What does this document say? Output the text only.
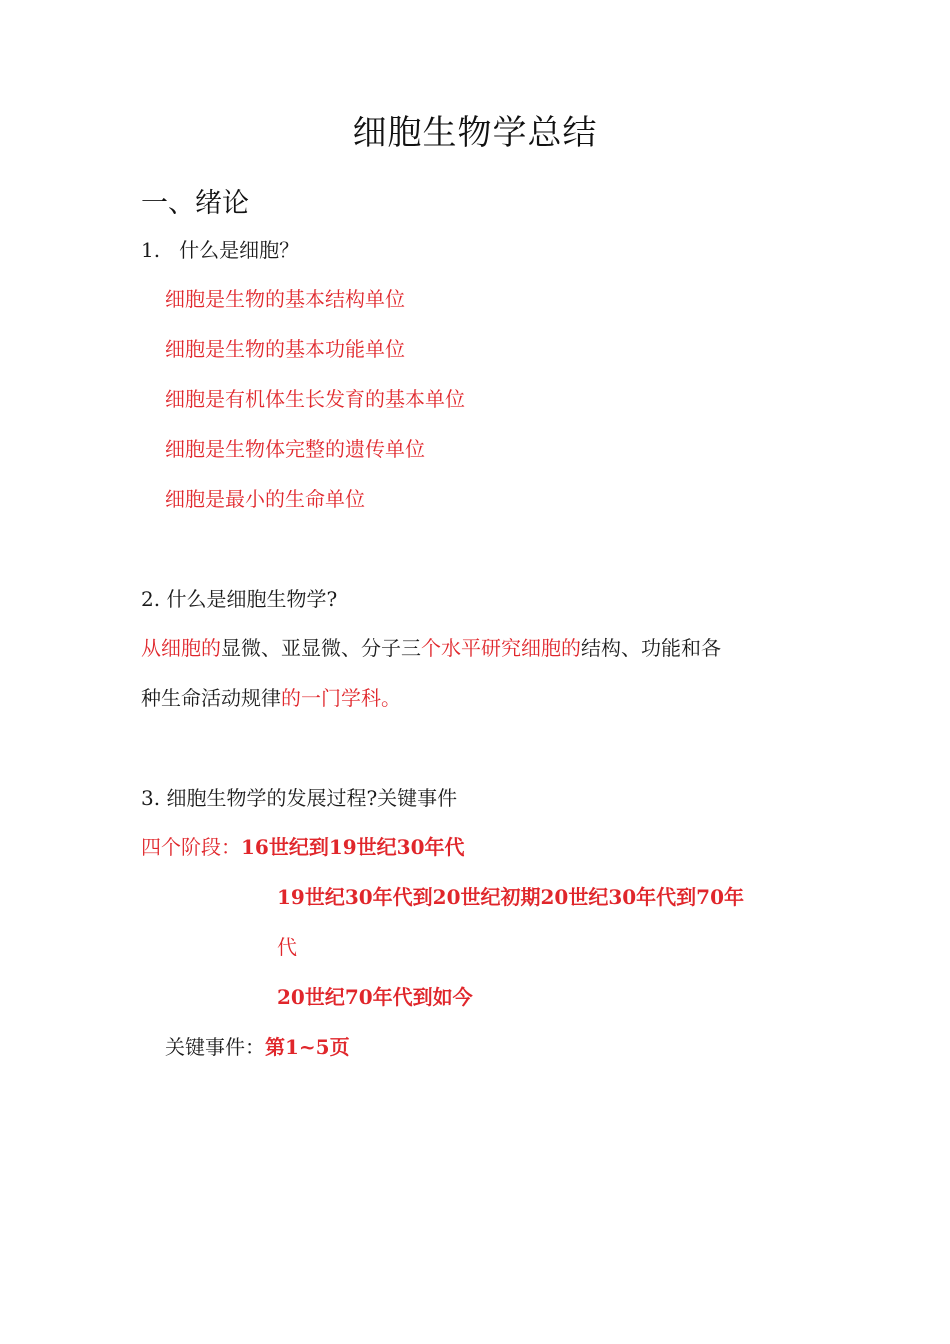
细胞生物学总结
一、绪论
1. 什么是细胞？
细胞是生物的基本结构单位
细胞是生物的基本功能单位
细胞是有机体生长发育的基本单位
细胞是生物体完整的遗传单位
细胞是最小的生命单位
2. 什么是细胞生物学?
从细胞的显微、亚显微、分子三个水平研究细胞的结构、功能和各
种生命活动规律的一门学科。
3. 细胞生物学的发展过程?关键事件
四个阶段：16世纪到19世纪30年代
19世纪30年代到20世纪初期20世纪30年代到70年
代
20世纪70年代到如今
关键事件：第1~5页
